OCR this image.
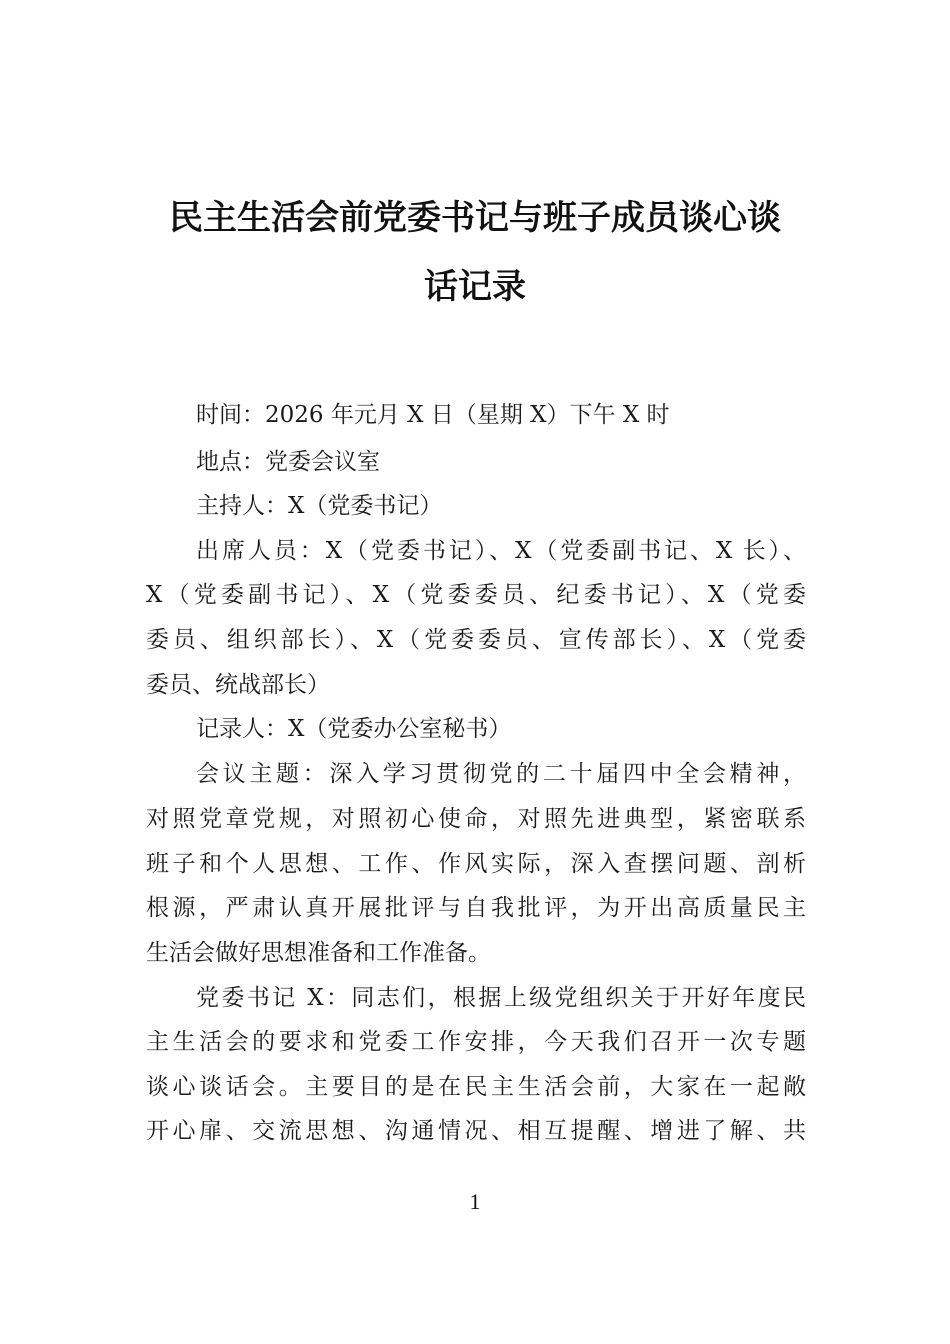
民主生活会前党委书记与班子成员谈心谈
话记录
时间：2026 年元月 X 日（星期 X）下午 X 时
地点：党委会议室
主持人：X（党委书记）
出席人员：X（党委书记）、X（党委副书记、X 长）、
X（党委副书记）、X（党委委员、纪委书记）、X（党委
委员、组织部长）、X（党委委员、宣传部长）、X（党委
委员、统战部长）
记录人：X（党委办公室秘书）
会议主题：深入学习贯彻党的二十届四中全会精神，
对照党章党规，对照初心使命，对照先进典型，紧密联系
班子和个人思想、工作、作风实际，深入查摆问题、剖析
根源，严肃认真开展批评与自我批评，为开出高质量民主
生活会做好思想准备和工作准备。
党委书记 X：同志们，根据上级党组织关于开好年度民
主生活会的要求和党委工作安排，今天我们召开一次专题
谈心谈话会。主要目的是在民主生活会前，大家在一起敞
开心扉、交流思想、沟通情况、相互提醒、增进了解、共
1
